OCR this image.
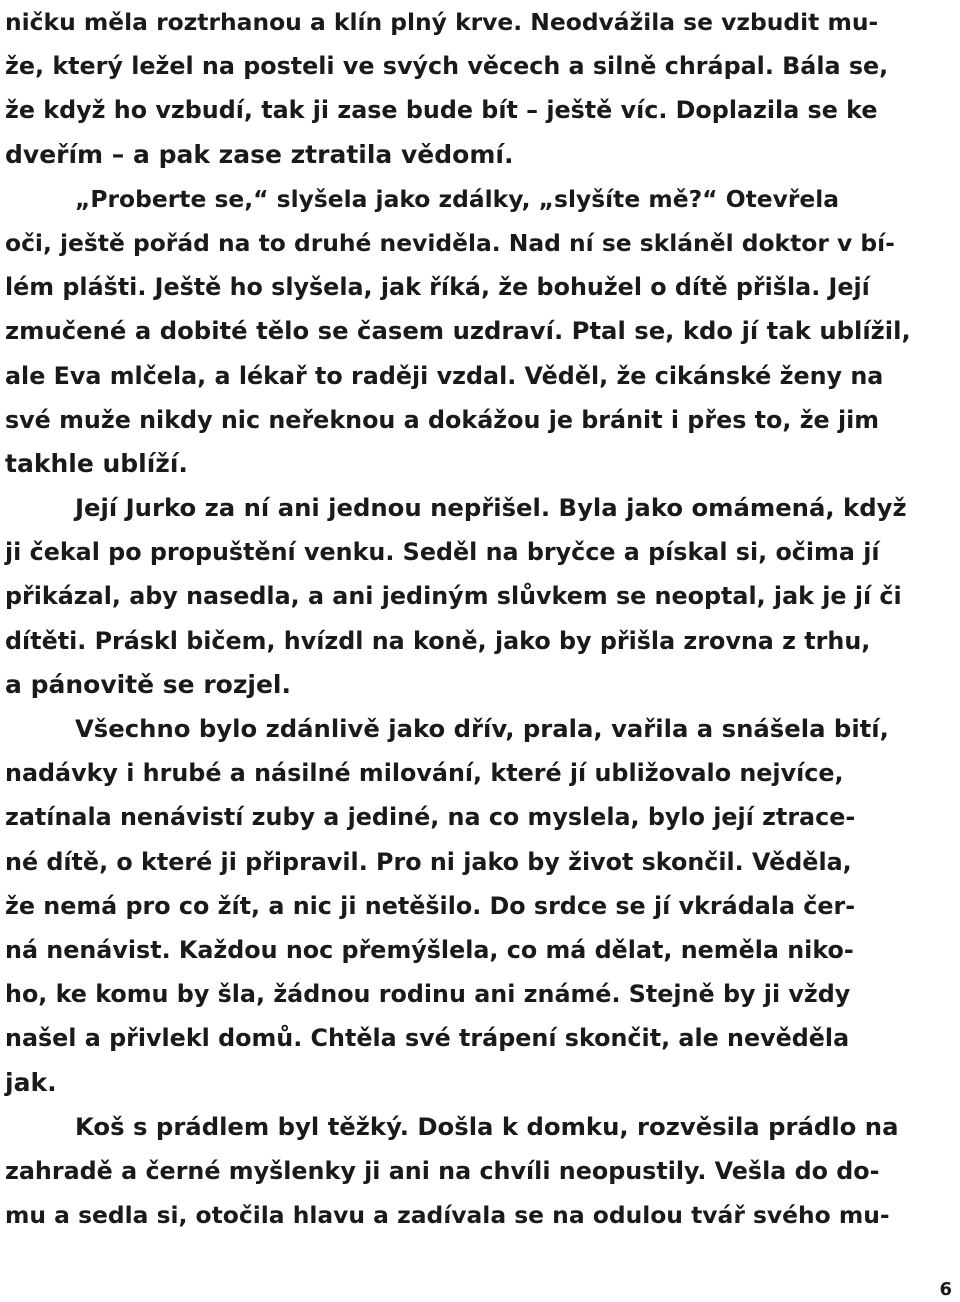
ničku měla roztrhanou a klín plný krve. Neodvážila se vzbudit mu-
že, který ležel na posteli ve svých věcech a silně chrápal. Bála se,
že když ho vzbudí, tak ji zase bude bít – ještě víc. Doplazila se ke
dveřím – a pak zase ztratila vědomí.
„Proberte se,“ slyšela jako zdálky, „slyšíte mě?“ Otevřela
oči, ještě pořád na to druhé neviděla. Nad ní se skláněl doktor v bí-
lém plášti. Ještě ho slyšela, jak říká, že bohužel o dítě přišla. Její
zmučené a dobité tělo se časem uzdraví. Ptal se, kdo jí tak ublížil,
ale Eva mlčela, a lékař to raději vzdal. Věděl, že cikánské ženy na
své muže nikdy nic neřeknou a dokážou je bránit i přes to, že jim
takhle ublíží.
Její Jurko za ní ani jednou nepřišel. Byla jako omámená, když
ji čekal po propuštění venku. Seděl na bryčce a pískal si, očima jí
přikázal, aby nasedla, a ani jediným slůvkem se neoptal, jak je jí či
dítěti. Práskl bičem, hvízdl na koně, jako by přišla zrovna z trhu,
a pánovitě se rozjel.
Všechno bylo zdánlivě jako dřív, prala, vařila a snášela bití,
nadávky i hrubé a násilné milování, které jí ubližovalo nejvíce,
zatínala nenávistí zuby a jediné, na co myslela, bylo její ztrace-
né dítě, o které ji připravil. Pro ni jako by život skončil. Věděla,
že nemá pro co žít, a nic ji netěšilo. Do srdce se jí vkrádala čer-
ná nenávist. Každou noc přemýšlela, co má dělat, neměla niko-
ho, ke komu by šla, žádnou rodinu ani známé. Stejně by ji vždy
našel a přivlekl domů. Chtěla své trápení skončit, ale nevěděla
jak.
Koš s prádlem byl těžký. Došla k domku, rozvěsila prádlo na
zahradě a černé myšlenky ji ani na chvíli neopustily. Vešla do do-
mu a sedla si, otočila hlavu a zadívala se na odulou tvář svého mu-
6
